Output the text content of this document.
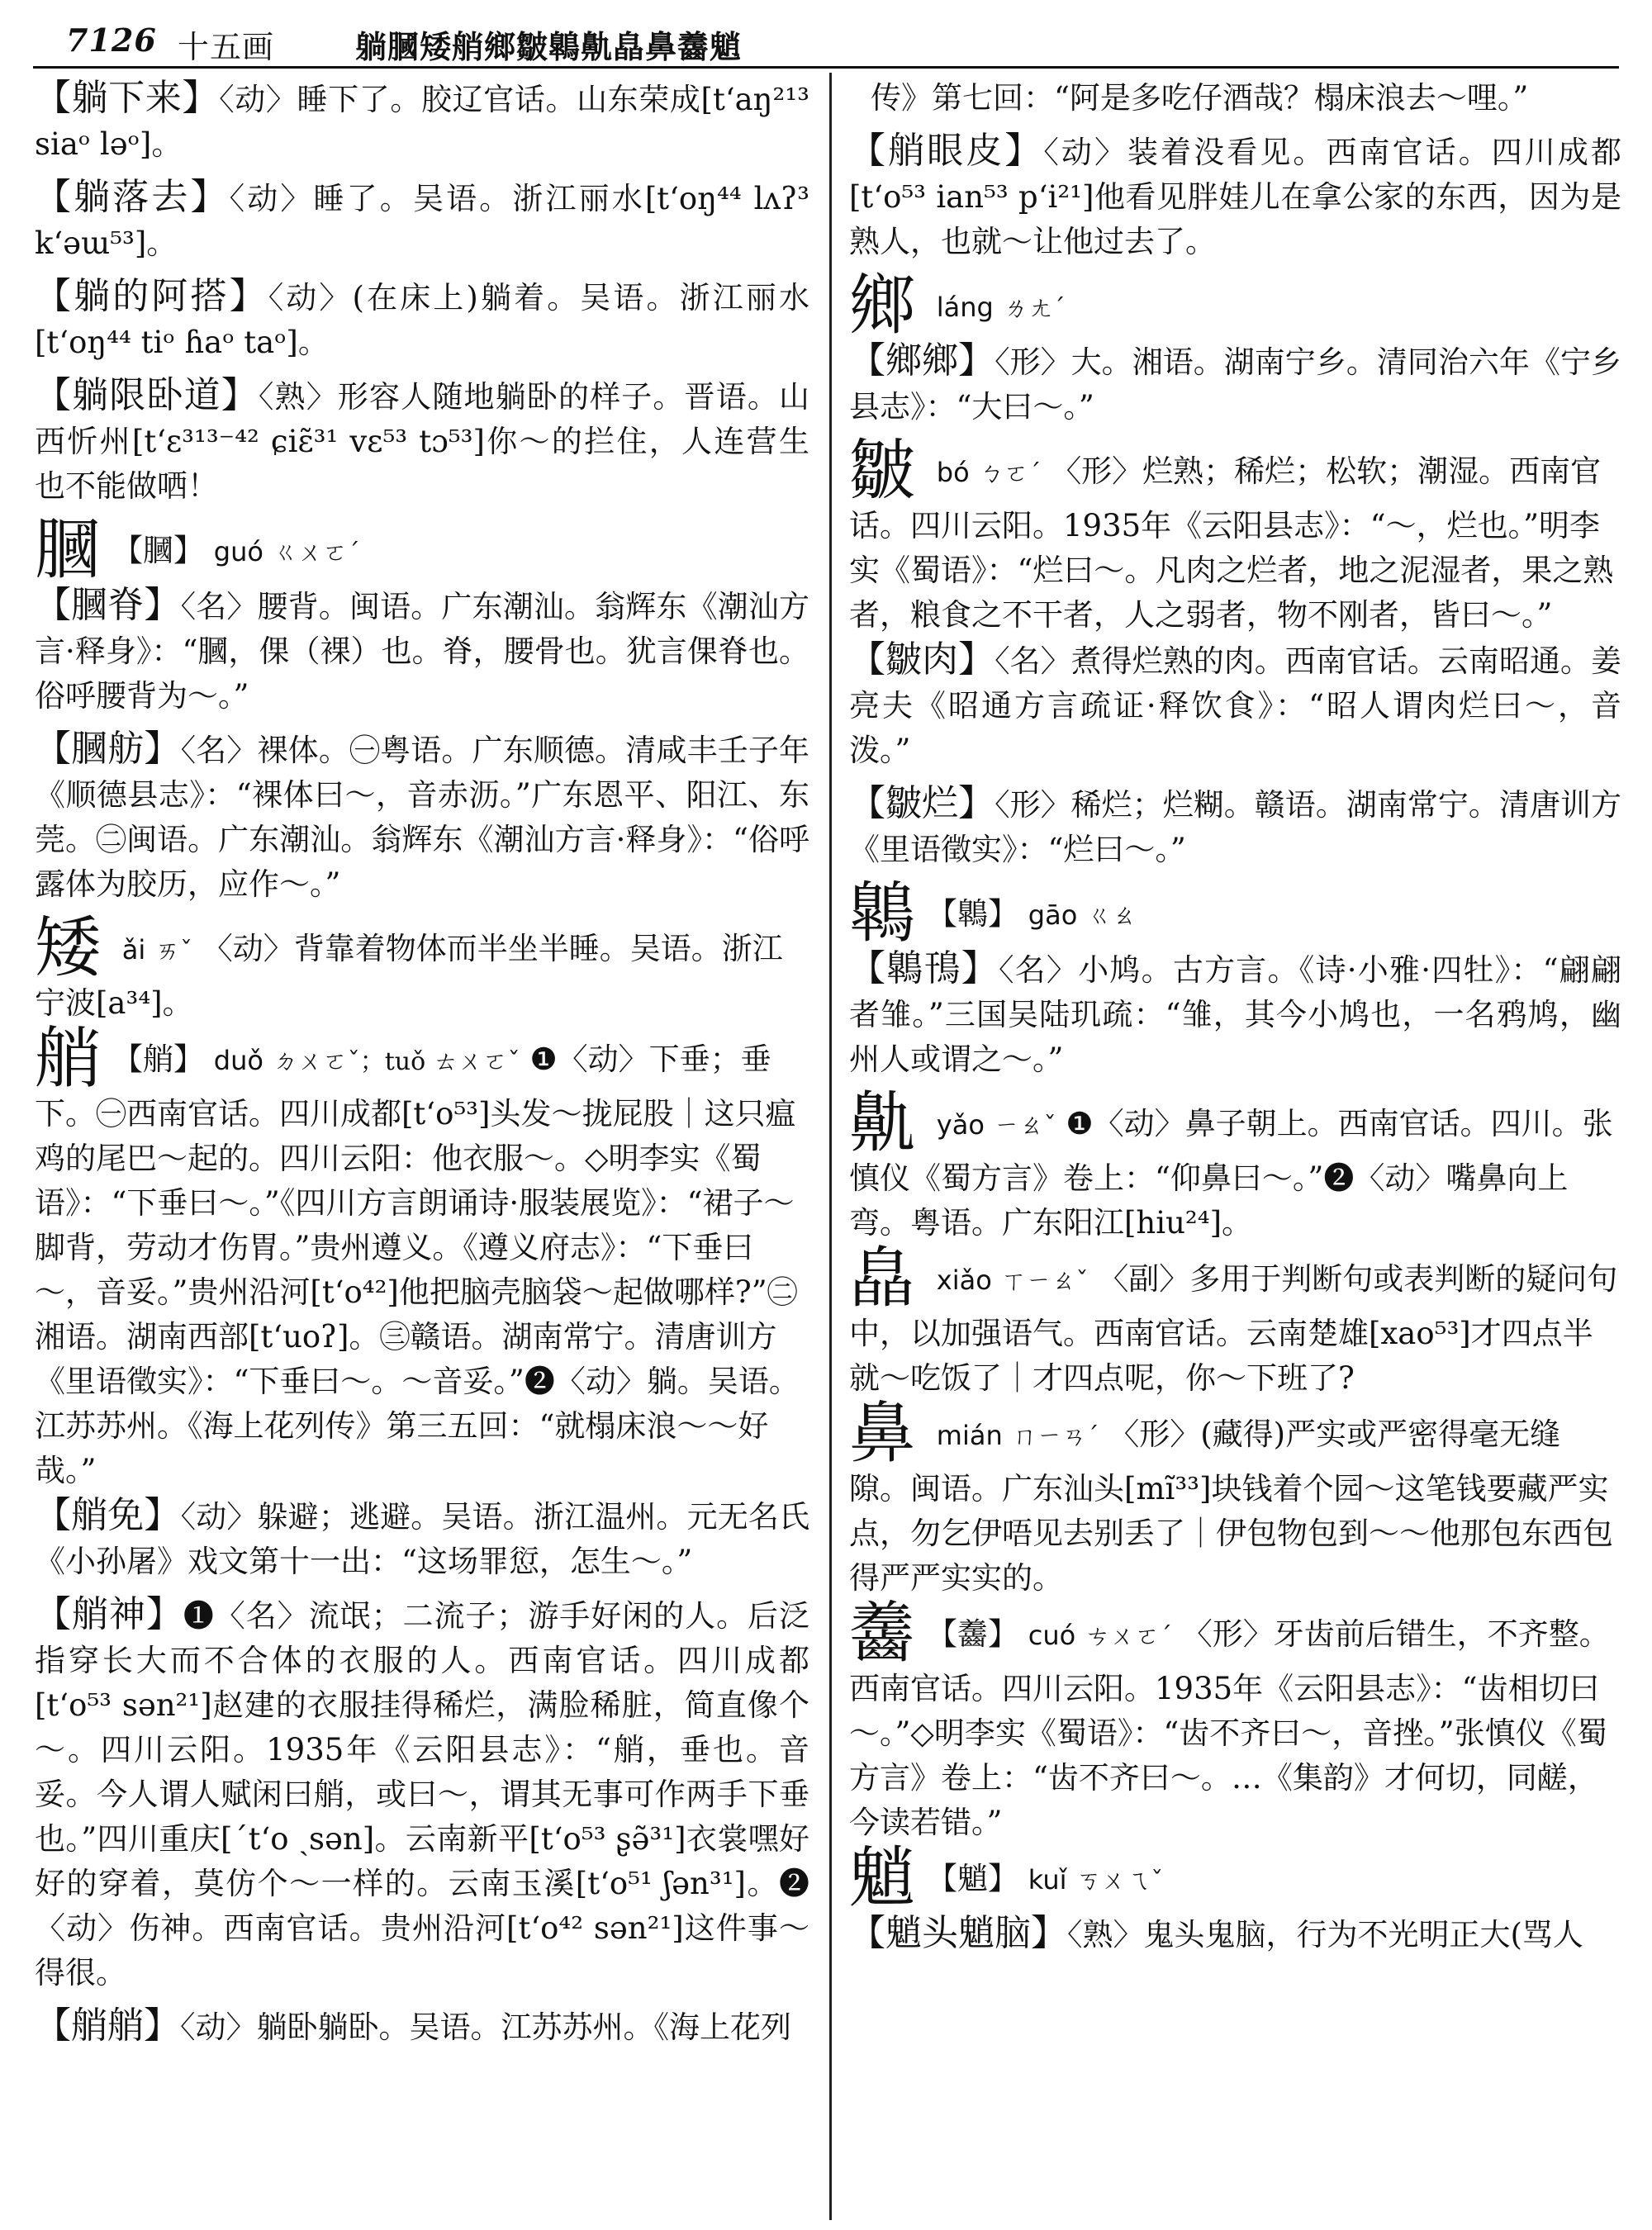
7126 十五画	躺膕矮艄鄉皺鷱鼽皛鼻齹魈
【躺下来】〈动〉睡下了。胶辽官话。山东荣成[tʻaŋ²¹³ siaᵒ ləᵒ]。
【躺落去】〈动〉睡了。吴语。浙江丽水[tʻoŋ⁴⁴ lʌʔ³ kʻəɯ⁵³]。
【躺的阿搭】〈动〉(在床上)躺着。吴语。浙江丽水[tʻoŋ⁴⁴ tiᵒ ɦaᵒ taᵒ]。
【躺限卧道】〈熟〉形容人随地躺卧的样子。晋语。山西忻州[tʻɛ³¹³⁻⁴² ɕiɛ̃³¹ vɛ⁵³ tɔ⁵³]你～的拦住，人连营生也不能做哂！
膕 【膕】 guó ㄍㄨㄛˊ
【膕脊】〈名〉腰背。闽语。广东潮汕。翁辉东《潮汕方言·释身》：“膕，倮（裸）也。脊，腰骨也。犹言倮脊也。俗呼腰背为～。”
【膕舫】〈名〉裸体。㊀粤语。广东顺德。清咸丰壬子年《顺德县志》：“裸体曰～，音赤沥。”广东恩平、阳江、东莞。㊁闽语。广东潮汕。翁辉东《潮汕方言·释身》：“俗呼露体为胶历，应作～。”
矮 ǎi ㄞˇ 〈动〉背靠着物体而半坐半睡。吴语。浙江宁波[a³⁴]。
艄 【艄】 duǒ ㄉㄨㄛˇ；tuǒ ㄊㄨㄛˇ ❶〈动〉下垂；垂下。㊀西南官话。四川成都[tʻo⁵³]头发～拢屁股｜这只瘟鸡的尾巴～起的。四川云阳：他衣服～。◇明李实《蜀语》：“下垂曰～。”《四川方言朗诵诗·服装展览》：“裙子～脚背，劳动才伤胃。”贵州遵义。《遵义府志》：“下垂曰～，音妥。”贵州沿河[tʻo⁴²]他把脑壳脑袋～起做哪样?”㊁湘语。湖南西部[tʻuoʔ]。㊂赣语。湖南常宁。清唐训方《里语徵实》：“下垂曰～。～音妥。”❷〈动〉躺。吴语。江苏苏州。《海上花列传》第三五回：“就榻床浪～～好哉。”
【艄免】〈动〉躲避；逃避。吴语。浙江温州。元无名氏《小孙屠》戏文第十一出：“这场罪愆，怎生～。”
【艄神】❶〈名〉流氓；二流子；游手好闲的人。后泛指穿长大而不合体的衣服的人。西南官话。四川成都[tʻo⁵³ sən²¹]赵建的衣服挂得稀烂，满脸稀脏，简直像个～。四川云阳。1935年《云阳县志》：“艄，垂也。音妥。今人谓人赋闲曰艄，或曰～，谓其无事可作两手下垂也。”四川重庆[ˊtʻo ˏsən]。云南新平[tʻo⁵³ ʂə̃³¹]衣裳嘿好好的穿着，莫仿个～一样的。云南玉溪[tʻo⁵¹ ʃən³¹]。❷〈动〉伤神。西南官话。贵州沿河[tʻo⁴² sən²¹]这件事～得很。
【艄艄】〈动〉躺卧躺卧。吴语。江苏苏州。《海上花列
传》第七回：“阿是多吃仔酒哉？榻床浪去～哩。”
【艄眼皮】〈动〉装着没看见。西南官话。四川成都[tʻo⁵³ ian⁵³ pʻi²¹]他看见胖娃儿在拿公家的东西，因为是熟人，也就～让他过去了。
鄉 láng ㄌㄤˊ
【鄉鄉】〈形〉大。湘语。湖南宁乡。清同治六年《宁乡县志》：“大曰～。”
皺 bó ㄅㄛˊ 〈形〉烂熟；稀烂；松软；潮湿。西南官话。四川云阳。1935年《云阳县志》：“～，烂也。”明李实《蜀语》：“烂曰～。凡肉之烂者，地之泥湿者，果之熟者，粮食之不干者，人之弱者，物不刚者，皆曰～。”
【皺肉】〈名〉煮得烂熟的肉。西南官话。云南昭通。姜亮夫《昭通方言疏证·释饮食》：“昭人谓肉烂曰～，音泼。”
【皺烂】〈形〉稀烂；烂糊。赣语。湖南常宁。清唐训方《里语徵实》：“烂曰～。”
鷱 【鷱】 gāo ㄍㄠ
【鷱鳱】〈名〉小鸠。古方言。《诗·小雅·四牡》：“翩翩者雏。”三国吴陆玑疏：“雏，其今小鸠也，一名鸦鸠，幽州人或谓之～。”
鼽 yǎo ㄧㄠˇ ❶〈动〉鼻子朝上。西南官话。四川。张慎仪《蜀方言》卷上：“仰鼻曰～。”❷〈动〉嘴鼻向上弯。粤语。广东阳江[hiu²⁴]。
皛 xiǎo ㄒㄧㄠˇ 〈副〉多用于判断句或表判断的疑问句中，以加强语气。西南官话。云南楚雄[xao⁵³]才四点半就～吃饭了｜才四点呢，你～下班了?
鼻 mián ㄇㄧㄢˊ 〈形〉(藏得)严实或严密得毫无缝隙。闽语。广东汕头[mĩ³³]块钱着个园～这笔钱要藏严实点，勿乞伊唔见去别丢了｜伊包物包到～～他那包东西包得严严实实的。
齹 【齹】 cuó ㄘㄨㄛˊ 〈形〉牙齿前后错生，不齐整。西南官话。四川云阳。1935年《云阳县志》：“齿相切曰～。”◇明李实《蜀语》：“齿不齐曰～，音挫。”张慎仪《蜀方言》卷上：“齿不齐曰～。…《集韵》才何切，同鹾，今读若错。”
魈 【魈】 kuǐ ㄎㄨㄟˇ
【魈头魈脑】〈熟〉鬼头鬼脑，行为不光明正大(骂人
